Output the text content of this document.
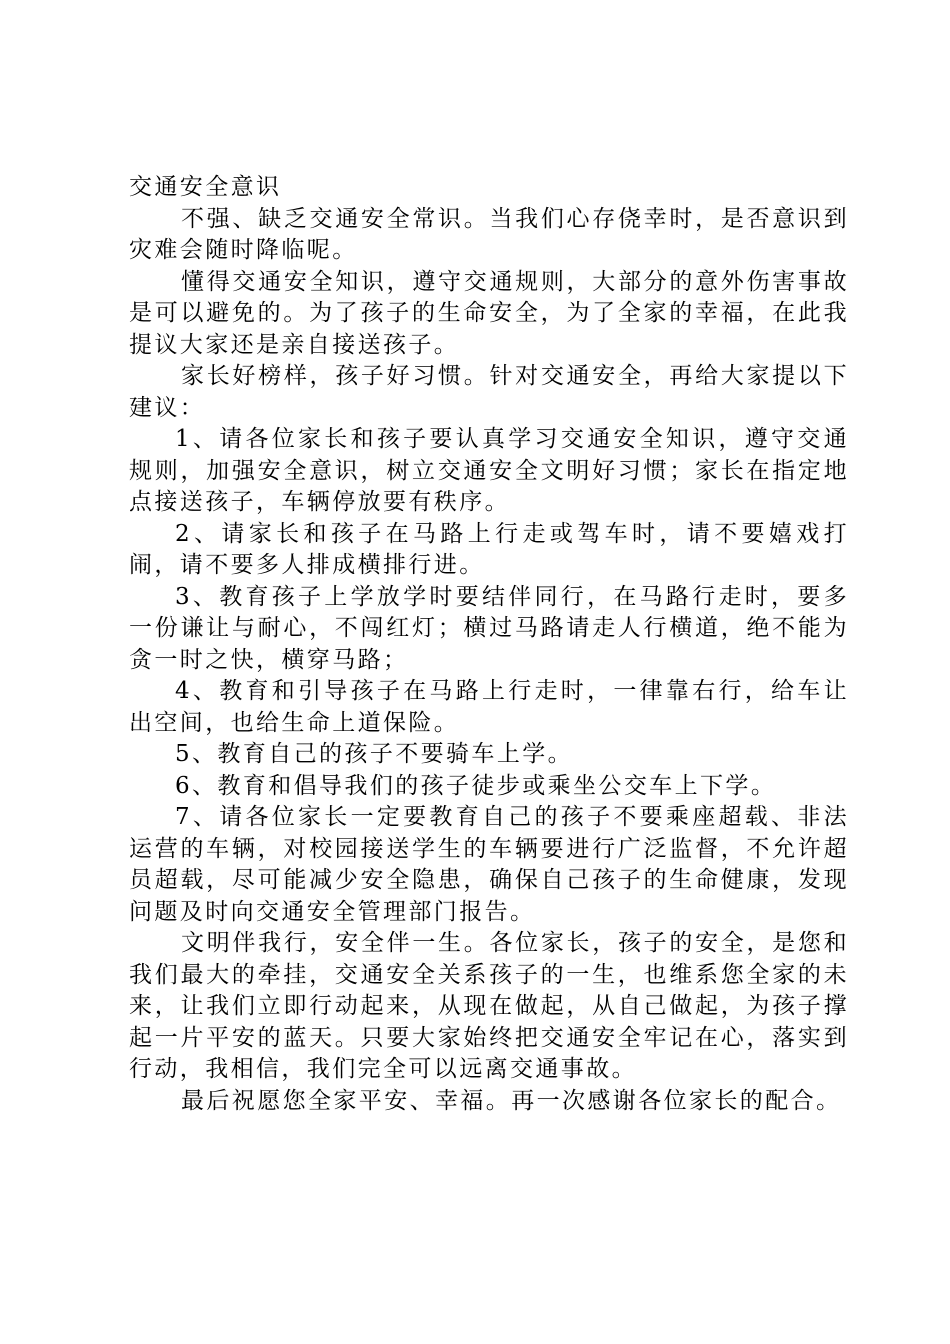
交通安全意识

不强、缺乏交通安全常识。当我们心存侥幸时，是否意识到灾难会随时降临呢。

懂得交通安全知识，遵守交通规则，大部分的意外伤害事故是可以避免的。为了孩子的生命安全，为了全家的幸福，在此我提议大家还是亲自接送孩子。

家长好榜样，孩子好习惯。针对交通安全，再给大家提以下建议：

1、请各位家长和孩子要认真学习交通安全知识，遵守交通规则，加强安全意识，树立交通安全文明好习惯；家长在指定地点接送孩子，车辆停放要有秩序。

2、请家长和孩子在马路上行走或驾车时，请不要嬉戏打闹，请不要多人排成横排行进。

3、教育孩子上学放学时要结伴同行，在马路行走时，要多一份谦让与耐心，不闯红灯；横过马路请走人行横道，绝不能为贪一时之快，横穿马路；

4、教育和引导孩子在马路上行走时，一律靠右行，给车让出空间，也给生命上道保险。

5、教育自己的孩子不要骑车上学。

6、教育和倡导我们的孩子徒步或乘坐公交车上下学。

7、请各位家长一定要教育自己的孩子不要乘座超载、非法运营的车辆，对校园接送学生的车辆要进行广泛监督，不允许超员超载，尽可能减少安全隐患，确保自己孩子的生命健康，发现问题及时向交通安全管理部门报告。

文明伴我行，安全伴一生。各位家长，孩子的安全，是您和我们最大的牵挂，交通安全关系孩子的一生，也维系您全家的未来，让我们立即行动起来，从现在做起，从自己做起，为孩子撑起一片平安的蓝天。只要大家始终把交通安全牢记在心，落实到行动，我相信，我们完全可以远离交通事故。

最后祝愿您全家平安、幸福。再一次感谢各位家长的配合。
